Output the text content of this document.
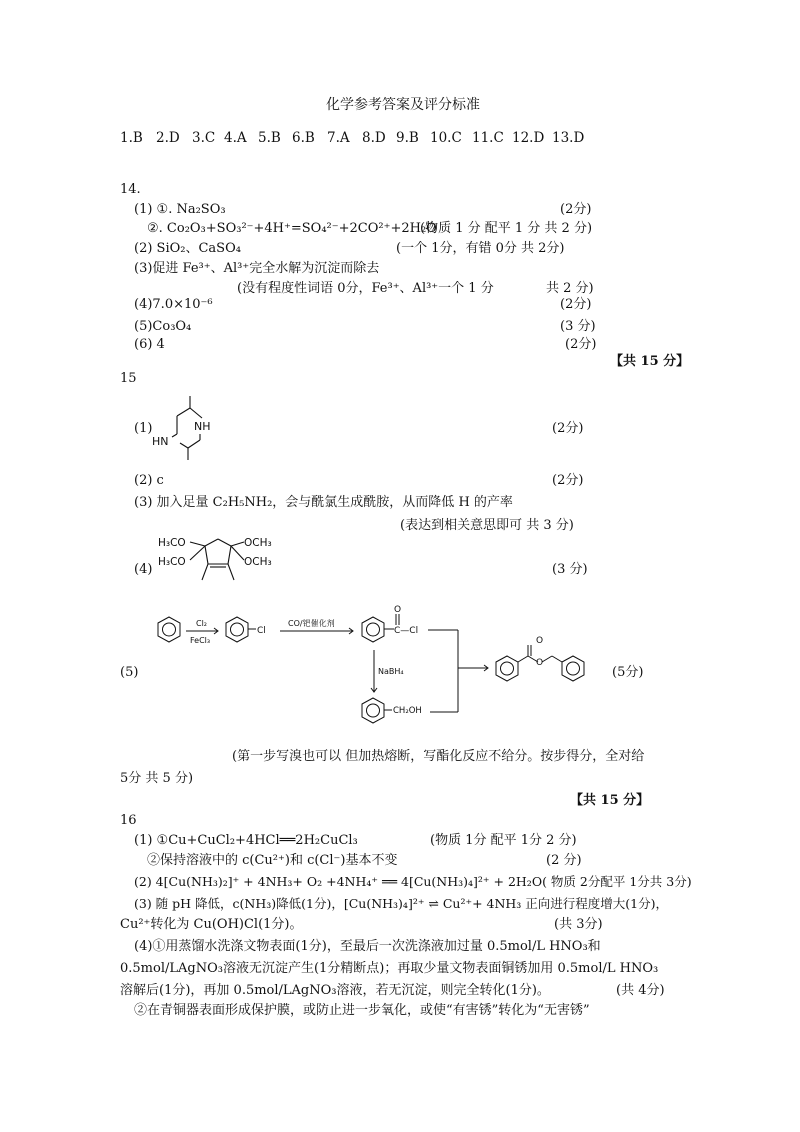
化学参考答案及评分标准
1.B 2.D 3.C 4.A 5.B 6.B 7.A 8.D 9.B 10.C 11.C 12.D 13.D
14.
(1) ①. Na₂SO₃	(2分)
②. Co₂O₃+SO₃²⁻+4H⁺=SO₄²⁻+2CO²⁺+2H₂O
(物质 1 分 配平 1 分 共 2 分)
(2) SiO₂、CaSO₄	(一个 1分，有错 0分 共 2分)
(3)促进 Fe³⁺、Al³⁺完全水解为沉淀而除去
(没有程度性词语 0分，Fe³⁺、Al³⁺一个 1 分	共 2 分)
(4)7.0×10⁻⁶	(2分)
(5)Co₃O₄	(3 分)
(6) 4	(2分)
【共 15 分】
15
(1)	NH
HN
(2分)
(2) c	(2分)
(3) 加入足量 C₂H₅NH₂，会与酰氯生成酰胺，从而降低 H 的产率
(表达到相关意思即可 共 3 分)
(4)
H₃CO	OCH₃
H₃CO	OCH₃	(3 分)
(5)
Cl₂
FeCl₃
Cl
CO/钯催化剂
O
C—Cl
NaBH₄
CH₂OH
O
O
(5分)
(第一步写溴也可以 但加热熔断，写酯化反应不给分。按步得分，全对给
5分 共 5 分)
【共 15 分】
16
(1) ①Cu+CuCl₂+4HCl══2H₂CuCl₃	(物质 1分 配平 1分 2 分)
②保持溶液中的 c(Cu²⁺)和 c(Cl⁻)基本不变	(2 分)
(2) 4[Cu(NH₃)₂]⁺ + 4NH₃+ O₂ +4NH₄⁺ ══ 4[Cu(NH₃)₄]²⁺ + 2H₂O( 物质 2分配平 1分共 3分)
(3) 随 pH 降低，c(NH₃)降低(1分)，[Cu(NH₃)₄]²⁺ ⇌ Cu²⁺+ 4NH₃ 正向进行程度增大(1分)，
Cu²⁺转化为 Cu(OH)Cl(1分)。	(共 3分)
(4)①用蒸馏水洗涤文物表面(1分)，至最后一次洗涤液加过量 0.5mol/L HNO₃和
0.5mol/LAgNO₃溶液无沉淀产生(1分精断点)；再取少量文物表面铜锈加用 0.5mol/L HNO₃
溶解后(1分)，再加 0.5mol/LAgNO₃溶液，若无沉淀，则完全转化(1分)。	(共 4分)
②在青铜器表面形成保护膜，或防止进一步氧化，或使“有害锈”转化为“无害锈”
